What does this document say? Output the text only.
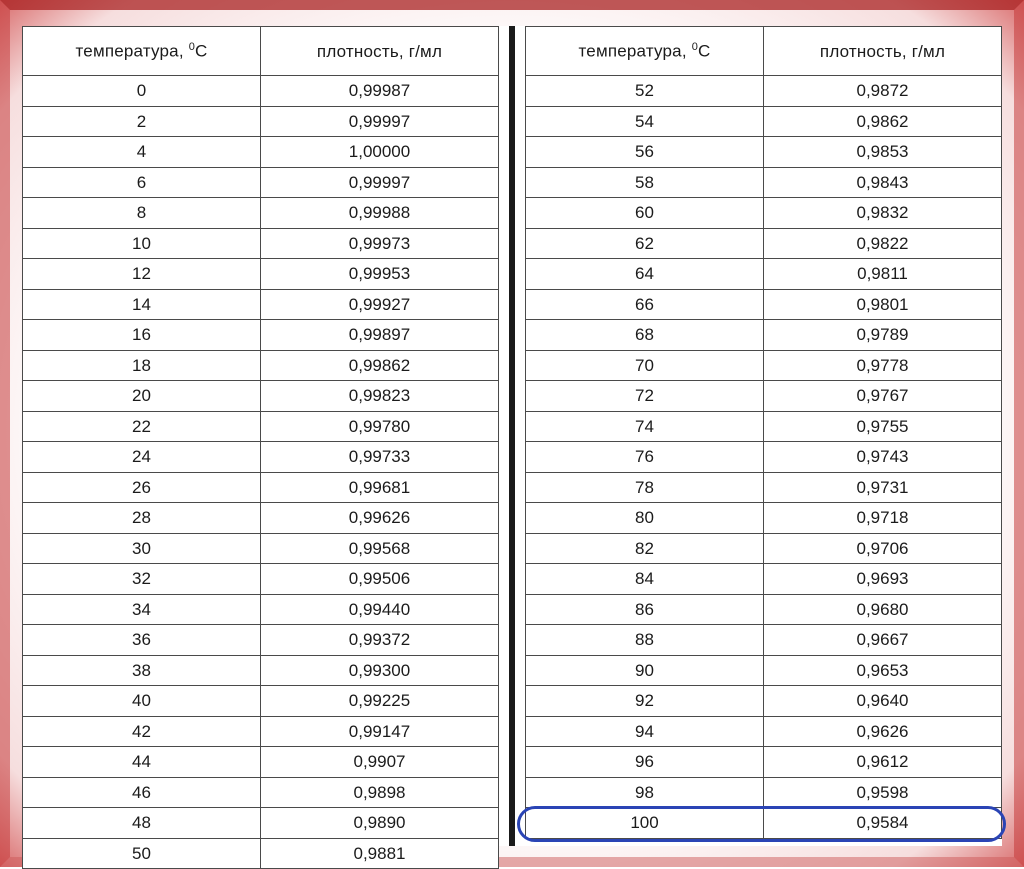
температура, $^0$C	плотность, г/мл
0	0,99987
2	0,99997
4	1,00000
6	0,99997
8	0,99988
10	0,99973
12	0,99953
14	0,99927
16	0,99897
18	0,99862
20	0,99823
22	0,99780
24	0,99733
26	0,99681
28	0,99626
30	0,99568
32	0,99506
34	0,99440
36	0,99372
38	0,99300
40	0,99225
42	0,99147
44	0,9907
46	0,9898
48	0,9890
50	0,9881
температура, $^0$C	плотность, г/мл
52	0,9872
54	0,9862
56	0,9853
58	0,9843
60	0,9832
62	0,9822
64	0,9811
66	0,9801
68	0,9789
70	0,9778
72	0,9767
74	0,9755
76	0,9743
78	0,9731
80	0,9718
82	0,9706
84	0,9693
86	0,9680
88	0,9667
90	0,9653
92	0,9640
94	0,9626
96	0,9612
98	0,9598
100	0,9584
